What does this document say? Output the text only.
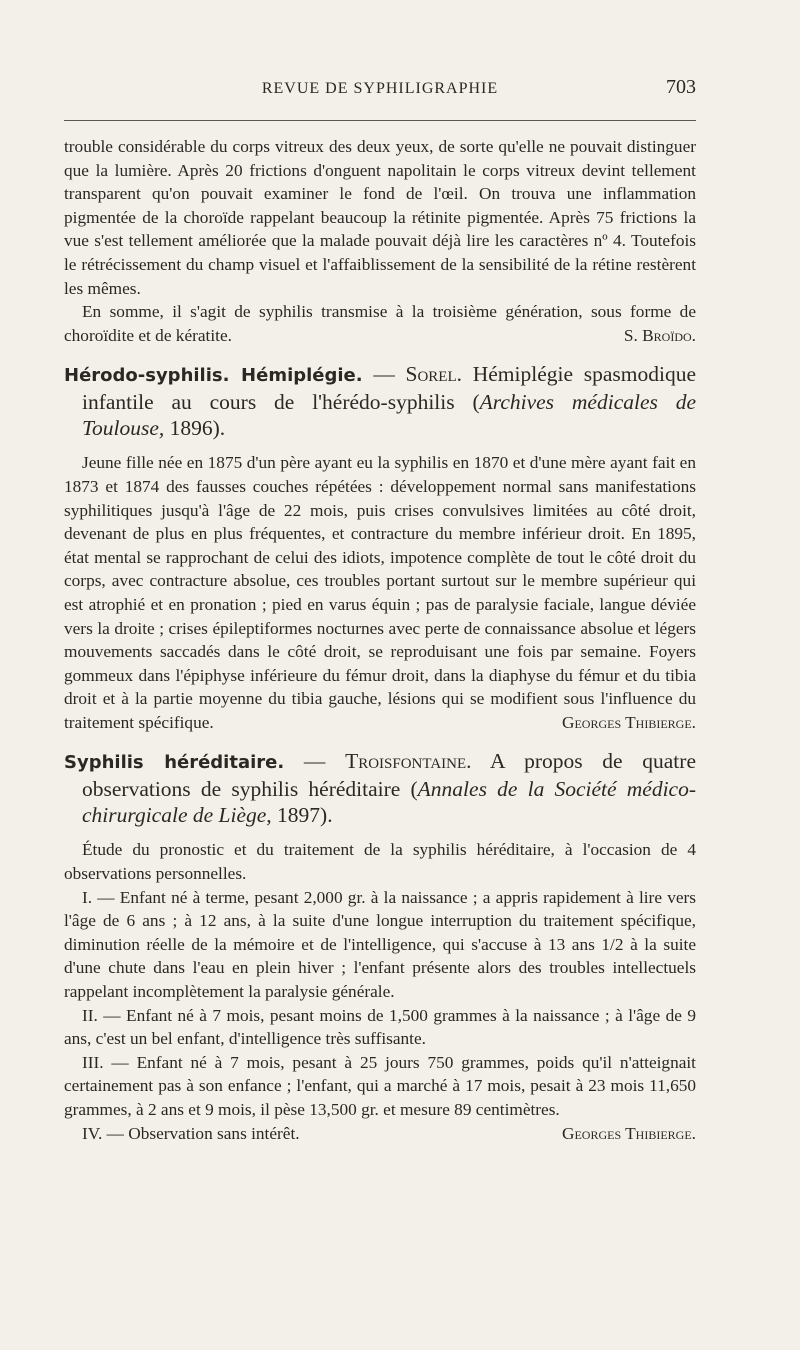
REVUE DE SYPHILIGRAPHIE	703

trouble considérable du corps vitreux des deux yeux, de sorte qu'elle ne pouvait distinguer que la lumière. Après 20 frictions d'onguent napolitain le corps vitreux devint tellement transparent qu'on pouvait examiner le fond de l'œil. On trouva une inflammation pigmentée de la choroïde rappelant beaucoup la rétinite pigmentée. Après 75 frictions la vue s'est tellement améliorée que la malade pouvait déjà lire les caractères nº 4. Toutefois le rétrécissement du champ visuel et l'affaiblissement de la sensibilité de la rétine restèrent les mêmes.

En somme, il s'agit de syphilis transmise à la troisième génération, sous forme de choroïdite et de kératite.	S. Broïdo.

Hérodo-syphilis. Hémiplégie. — Sorel. Hémiplégie spasmodique infantile au cours de l'hérédo-syphilis (Archives médicales de Toulouse, 1896).

Jeune fille née en 1875 d'un père ayant eu la syphilis en 1870 et d'une mère ayant fait en 1873 et 1874 des fausses couches répétées : développement normal sans manifestations syphilitiques jusqu'à l'âge de 22 mois, puis crises convulsives limitées au côté droit, devenant de plus en plus fréquentes, et contracture du membre inférieur droit. En 1895, état mental se rapprochant de celui des idiots, impotence complète de tout le côté droit du corps, avec contracture absolue, ces troubles portant surtout sur le membre supérieur qui est atrophié et en pronation ; pied en varus équin ; pas de paralysie faciale, langue déviée vers la droite ; crises épileptiformes nocturnes avec perte de connaissance absolue et légers mouvements saccadés dans le côté droit, se reproduisant une fois par semaine. Foyers gommeux dans l'épiphyse inférieure du fémur droit, dans la diaphyse du fémur et du tibia droit et à la partie moyenne du tibia gauche, lésions qui se modifient sous l'influence du traitement spécifique.	Georges Thibierge.

Syphilis héréditaire. — Troisfontaine. A propos de quatre observations de syphilis héréditaire (Annales de la Société médico-chirurgicale de Liège, 1897).

Étude du pronostic et du traitement de la syphilis héréditaire, à l'occasion de 4 observations personnelles.

I. — Enfant né à terme, pesant 2,000 gr. à la naissance ; a appris rapidement à lire vers l'âge de 6 ans ; à 12 ans, à la suite d'une longue interruption du traitement spécifique, diminution réelle de la mémoire et de l'intelligence, qui s'accuse à 13 ans 1/2 à la suite d'une chute dans l'eau en plein hiver ; l'enfant présente alors des troubles intellectuels rappelant incomplètement la paralysie générale.

II. — Enfant né à 7 mois, pesant moins de 1,500 grammes à la naissance ; à l'âge de 9 ans, c'est un bel enfant, d'intelligence très suffisante.

III. — Enfant né à 7 mois, pesant à 25 jours 750 grammes, poids qu'il n'atteignait certainement pas à son enfance ; l'enfant, qui a marché à 17 mois, pesait à 23 mois 11,650 grammes, à 2 ans et 9 mois, il pèse 13,500 gr. et mesure 89 centimètres.

IV. — Observation sans intérêt.	Georges Thibierge.
